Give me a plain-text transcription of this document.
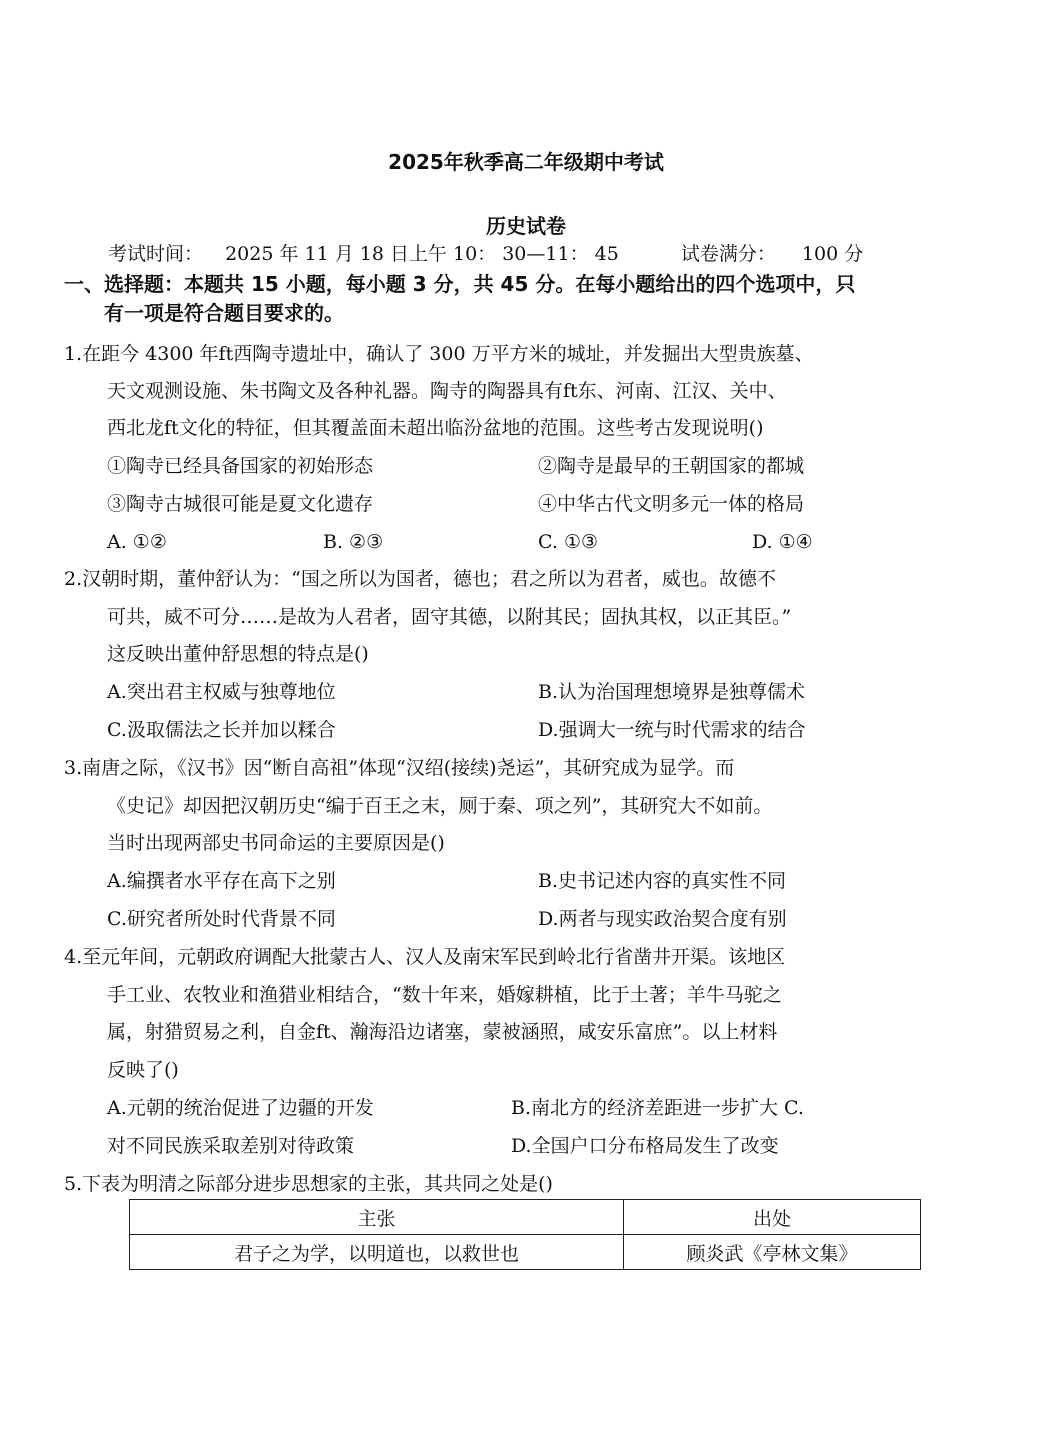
2025年秋季高二年级期中考试
历史试卷
考试时间： 2025 年 11 月 18 日上午 10： 30—11： 45	试卷满分： 100 分
一、选择题：本题共 15 小题，每小题 3 分，共 45 分。在每小题给出的四个选项中，只
有一项是符合题目要求的。
1.在距今 4300 年ft西陶寺遗址中，确认了 300 万平方米的城址，并发掘出大型贵族墓、
天文观测设施、朱书陶文及各种礼器。陶寺的陶器具有ft东、河南、江汉、关中、
西北龙ft文化的特征，但其覆盖面未超出临汾盆地的范围。这些考古发现说明()
①陶寺已经具备国家的初始形态	②陶寺是最早的王朝国家的都城
③陶寺古城很可能是夏文化遗存	④中华古代文明多元一体的格局
A. ①②	B. ②③	C. ①③	D. ①④
2.汉朝时期，董仲舒认为：“国之所以为国者，德也；君之所以为君者，威也。故德不
可共，威不可分……是故为人君者，固守其德，以附其民；固执其权，以正其臣。”
这反映出董仲舒思想的特点是()
A.突出君主权威与独尊地位	B.认为治国理想境界是独尊儒术
C.汲取儒法之长并加以糅合	D.强调大一统与时代需求的结合
3.南唐之际，《汉书》因“断自高祖”体现“汉绍(接续)尧运”，其研究成为显学。而
《史记》却因把汉朝历史“编于百王之末，厕于秦、项之列”，其研究大不如前。
当时出现两部史书同命运的主要原因是()
A.编撰者水平存在高下之别	B.史书记述内容的真实性不同
C.研究者所处时代背景不同	D.两者与现实政治契合度有别
4.至元年间，元朝政府调配大批蒙古人、汉人及南宋军民到岭北行省凿井开渠。该地区
手工业、农牧业和渔猎业相结合，“数十年来，婚嫁耕植，比于土著；羊牛马驼之
属，射猎贸易之利，自金ft、瀚海沿边诸塞，蒙被涵照，咸安乐富庶”。以上材料
反映了()
A.元朝的统治促进了边疆的开发	B.南北方的经济差距进一步扩大 C.
对不同民族采取差别对待政策	D.全国户口分布格局发生了改变
5.下表为明清之际部分进步思想家的主张，其共同之处是()
主张	出处
君子之为学，以明道也，以救世也	顾炎武《亭林文集》
